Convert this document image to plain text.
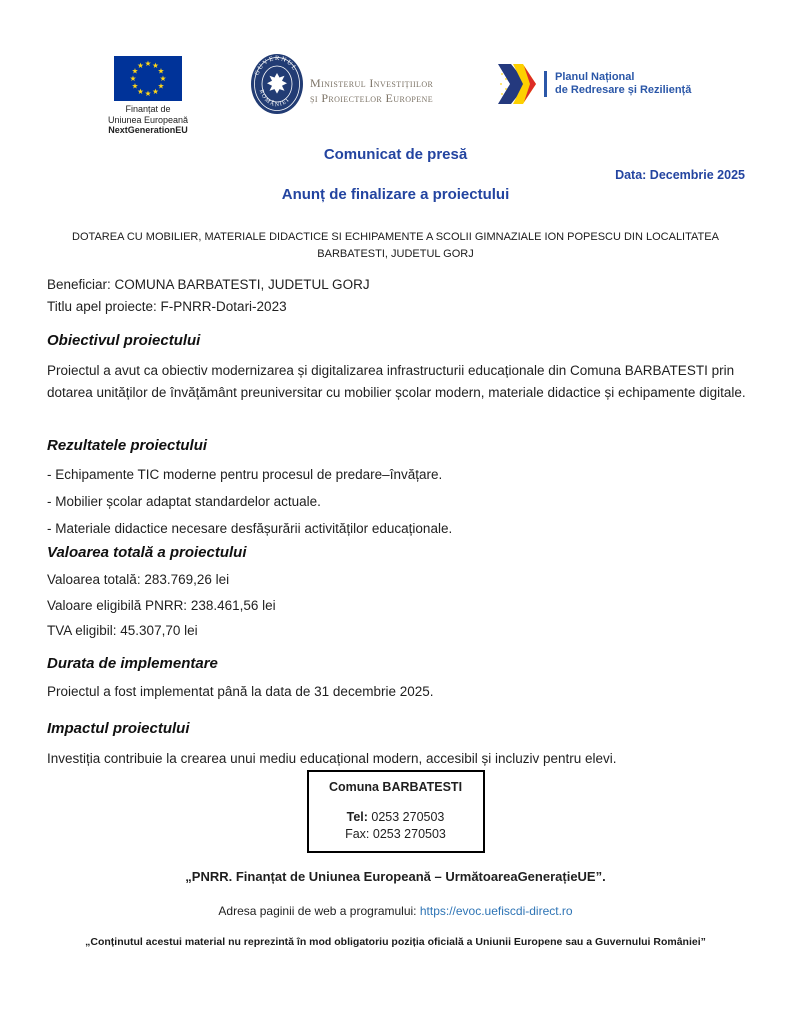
★ ★
★
★
★
★
★
★
★
★
★
★
Finanțat de
Uniunea Europeană
NextGenerationEU
GUVERNUL
ROMÂNIEI
Ministerul Investițiilor
și Proiectelor Europene
Planul Național
de Redresare și Reziliență
Comunicat de presă
Data: Decembrie 2025
Anunț de finalizare a proiectului
DOTAREA CU MOBILIER, MATERIALE DIDACTICE SI ECHIPAMENTE A SCOLII GIMNAZIALE ION POPESCU DIN LOCALITATEA
BARBATESTI, JUDETUL GORJ
Beneficiar: COMUNA BARBATESTI, JUDETUL GORJ
Titlu apel proiecte: F-PNRR-Dotari-2023
Obiectivul proiectului
Proiectul a avut ca obiectiv modernizarea și digitalizarea infrastructurii educaționale din Comuna BARBATESTI prin dotarea unităților de învățământ preuniversitar cu mobilier școlar modern, materiale didactice și echipamente digitale.
Rezultatele proiectului
- Echipamente TIC moderne pentru procesul de predare–învățare.
- Mobilier școlar adaptat standardelor actuale.
- Materiale didactice necesare desfășurării activităților educaționale.
Valoarea totală a proiectului
Valoarea totală: 283.769,26 lei
Valoare eligibilă PNRR: 238.461,56 lei
TVA eligibil: 45.307,70 lei
Durata de implementare
Proiectul a fost implementat până la data de 31 decembrie 2025.
Impactul proiectului
Investiția contribuie la crearea unui mediu educațional modern, accesibil și incluziv pentru elevi.
Comuna BARBATESTI
Tel: 0253 270503
Fax: 0253 270503
„PNRR. Finanțat de Uniunea Europeană – UrmătoareaGenerațieUE”.
Adresa paginii de web a programului: https://evoc.uefiscdi-direct.ro
„Conținutul acestui material nu reprezintă în mod obligatoriu poziția oficială a Uniunii Europene sau a Guvernului României”
